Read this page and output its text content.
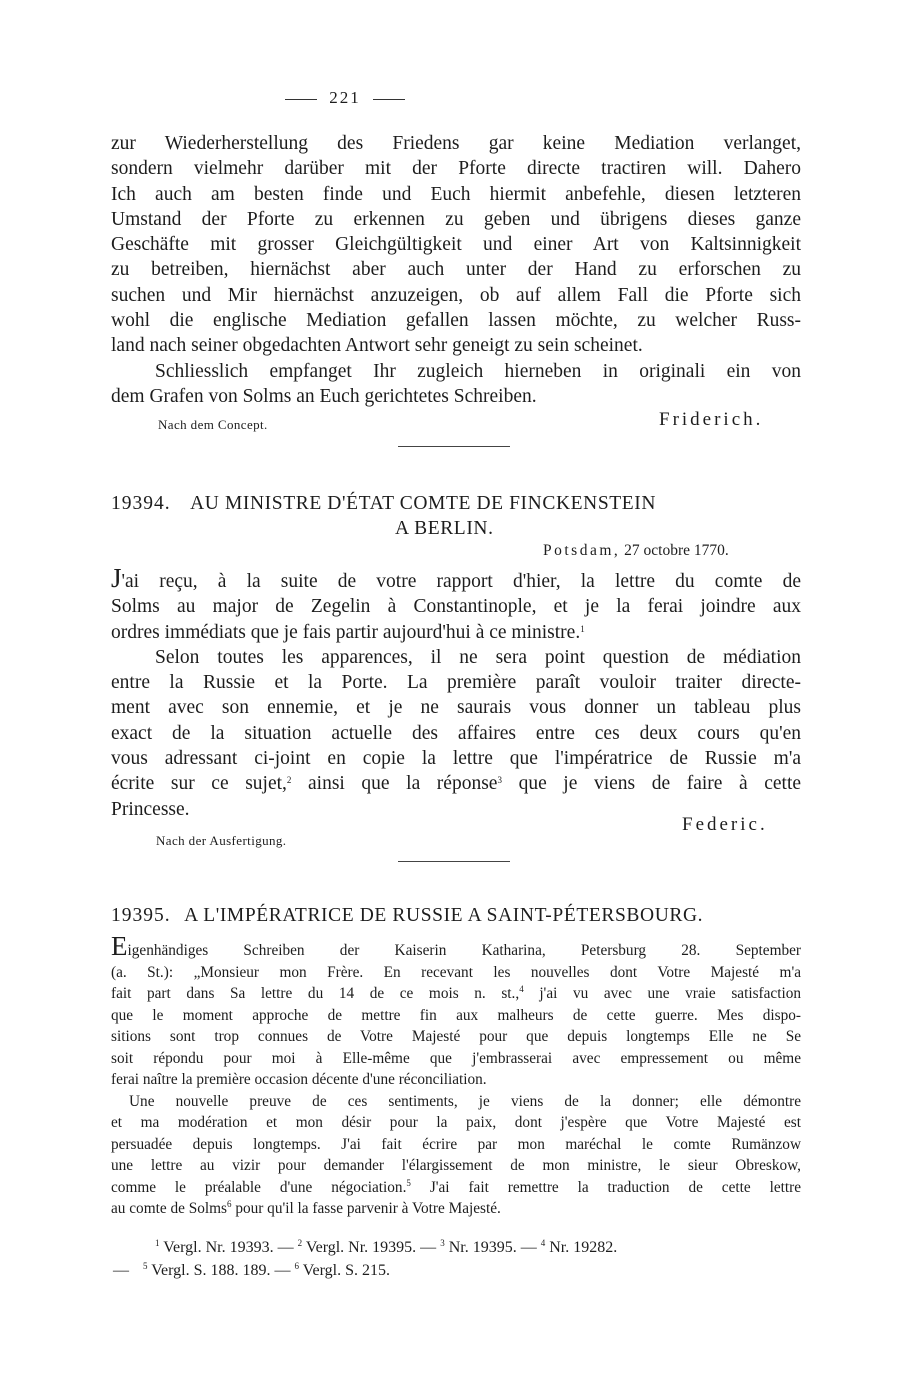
221
zur Wiederherstellung des Friedens gar keine Mediation verlanget,
sondern vielmehr darüber mit der Pforte directe tractiren will. Dahero
Ich auch am besten finde und Euch hiermit anbefehle, diesen letzteren
Umstand der Pforte zu erkennen zu geben und übrigens dieses ganze
Geschäfte mit grosser Gleichgültigkeit und einer Art von Kaltsinnigkeit
zu betreiben, hiernächst aber auch unter der Hand zu erforschen zu
suchen und Mir hiernächst anzuzeigen, ob auf allem Fall die Pforte sich
wohl die englische Mediation gefallen lassen möchte, zu welcher Russ-
land nach seiner obgedachten Antwort sehr geneigt zu sein scheinet.
Schliesslich empfanget Ihr zugleich hierneben in originali ein von
dem Grafen von Solms an Euch gerichtetes Schreiben.
Nach dem Concept.	Friderich.
19394. AU MINISTRE D'ÉTAT COMTE DE FINCKENSTEIN
A BERLIN.
Potsdam, 27 octobre 1770.
J'ai reçu, à la suite de votre rapport d'hier, la lettre du comte de
Solms au major de Zegelin à Constantinople, et je la ferai joindre aux
ordres immédiats que je fais partir aujourd'hui à ce ministre.$^1$
Selon toutes les apparences, il ne sera point question de médiation
entre la Russie et la Porte. La première paraît vouloir traiter directe-
ment avec son ennemie, et je ne saurais vous donner un tableau plus
exact de la situation actuelle des affaires entre ces deux cours qu'en
vous adressant ci-joint en copie la lettre que l'impératrice de Russie m'a
écrite sur ce sujet,$^2$ ainsi que la réponse$^3$ que je viens de faire à cette
Princesse.
Nach der Ausfertigung.
Federic.
19395. A L'IMPÉRATRICE DE RUSSIE A SAINT-PÉTERSBOURG.
Eigenhändiges Schreiben der Kaiserin Katharina, Petersburg 28. September
(a. St.): „Monsieur mon Frère. En recevant les nouvelles dont Votre Majesté m'a
fait part dans Sa lettre du 14 de ce mois n. st.,$^4$ j'ai vu avec une vraie satisfaction
que le moment approche de mettre fin aux malheurs de cette guerre. Mes dispo-
sitions sont trop connues de Votre Majesté pour que depuis longtemps Elle ne Se
soit répondu pour moi à Elle-même que j'embrasserai avec empressement ou même
ferai naître la première occasion décente d'une réconciliation.
Une nouvelle preuve de ces sentiments, je viens de la donner; elle démontre
et ma modération et mon désir pour la paix, dont j'espère que Votre Majesté est
persuadée depuis longtemps. J'ai fait écrire par mon maréchal le comte Rumänzow
une lettre au vizir pour demander l'élargissement de mon ministre, le sieur Obreskow,
comme le préalable d'une négociation.$^5$ J'ai fait remettre la traduction de cette lettre
au comte de Solms$^6$ pour qu'il la fasse parvenir à Votre Majesté.
$^1$ Vergl. Nr. 19393. — $^2$ Vergl. Nr. 19395. — $^3$ Nr. 19395. — $^4$ Nr. 19282.
— $^5$ Vergl. S. 188. 189. — $^6$ Vergl. S. 215.
